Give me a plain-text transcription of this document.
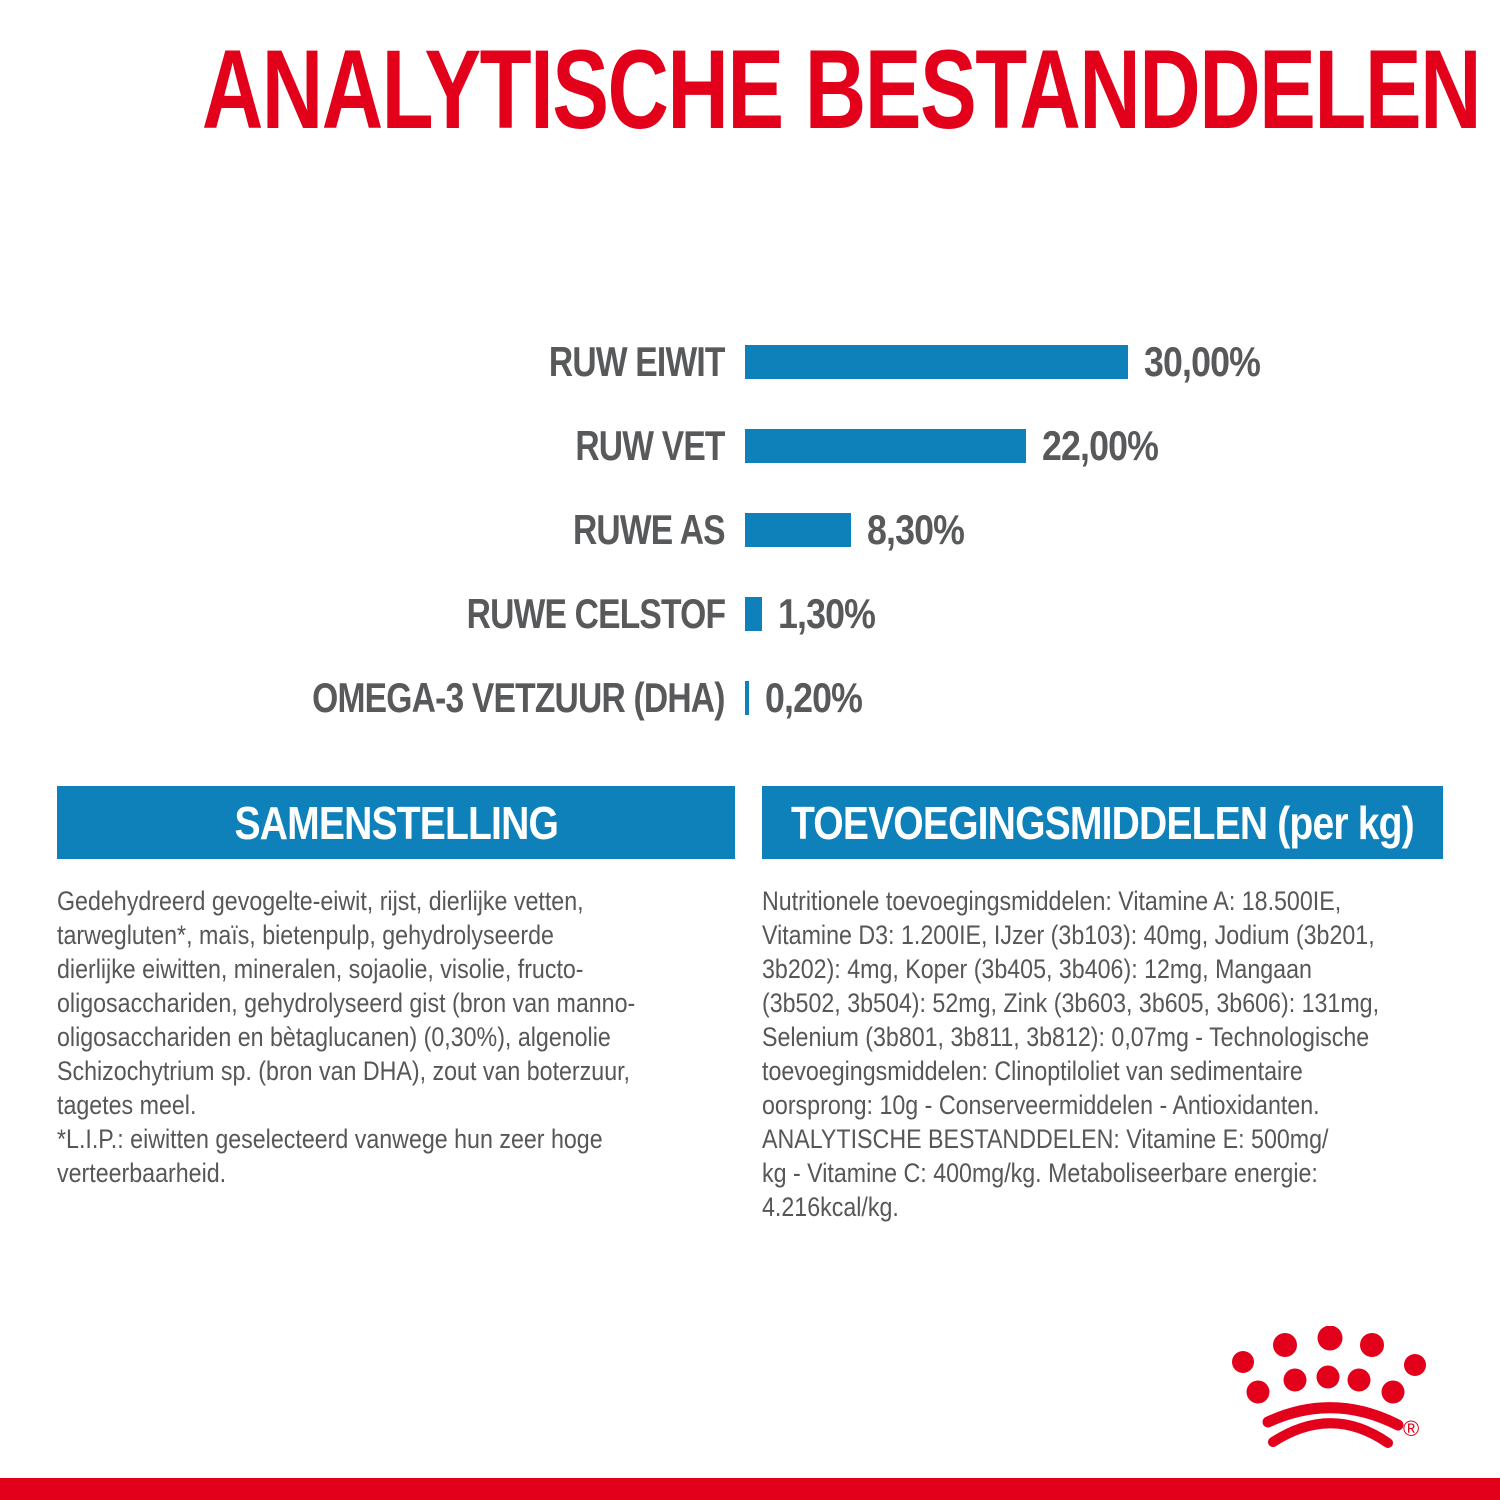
ANALYTISCHE BESTANDDELEN
RUW EIWIT	30,00%
RUW VET	22,00%
RUWE AS	8,30%
RUWE CELSTOF 1,30%
OMEGA-3 VETZUUR (DHA) 0,20%
SAMENSTELLING	TOEVOEGINGSMIDDELEN (per kg)
Gedehydreerd gevogelte-eiwit, rijst, dierlijke vetten,
tarwegluten*, maïs, bietenpulp, gehydrolyseerde
dierlijke eiwitten, mineralen, sojaolie, visolie, fructo-
oligosacchariden, gehydrolyseerd gist (bron van manno-
oligosacchariden en bètaglucanen) (0,30%), algenolie
Schizochytrium sp. (bron van DHA), zout van boterzuur,
tagetes meel.
*L.I.P.: eiwitten geselecteerd vanwege hun zeer hoge
verteerbaarheid.
Nutritionele toevoegingsmiddelen: Vitamine A: 18.500IE,
Vitamine D3: 1.200IE, IJzer (3b103): 40mg, Jodium (3b201,
3b202): 4mg, Koper (3b405, 3b406): 12mg, Mangaan
(3b502, 3b504): 52mg, Zink (3b603, 3b605, 3b606): 131mg,
Selenium (3b801, 3b811, 3b812): 0,07mg - Technologische
toevoegingsmiddelen: Clinoptiloliet van sedimentaire
oorsprong: 10g - Conserveermiddelen - Antioxidanten.
ANALYTISCHE BESTANDDELEN: Vitamine E: 500mg/
kg - Vitamine C: 400mg/kg. Metaboliseerbare energie:
4.216kcal/kg.
®
